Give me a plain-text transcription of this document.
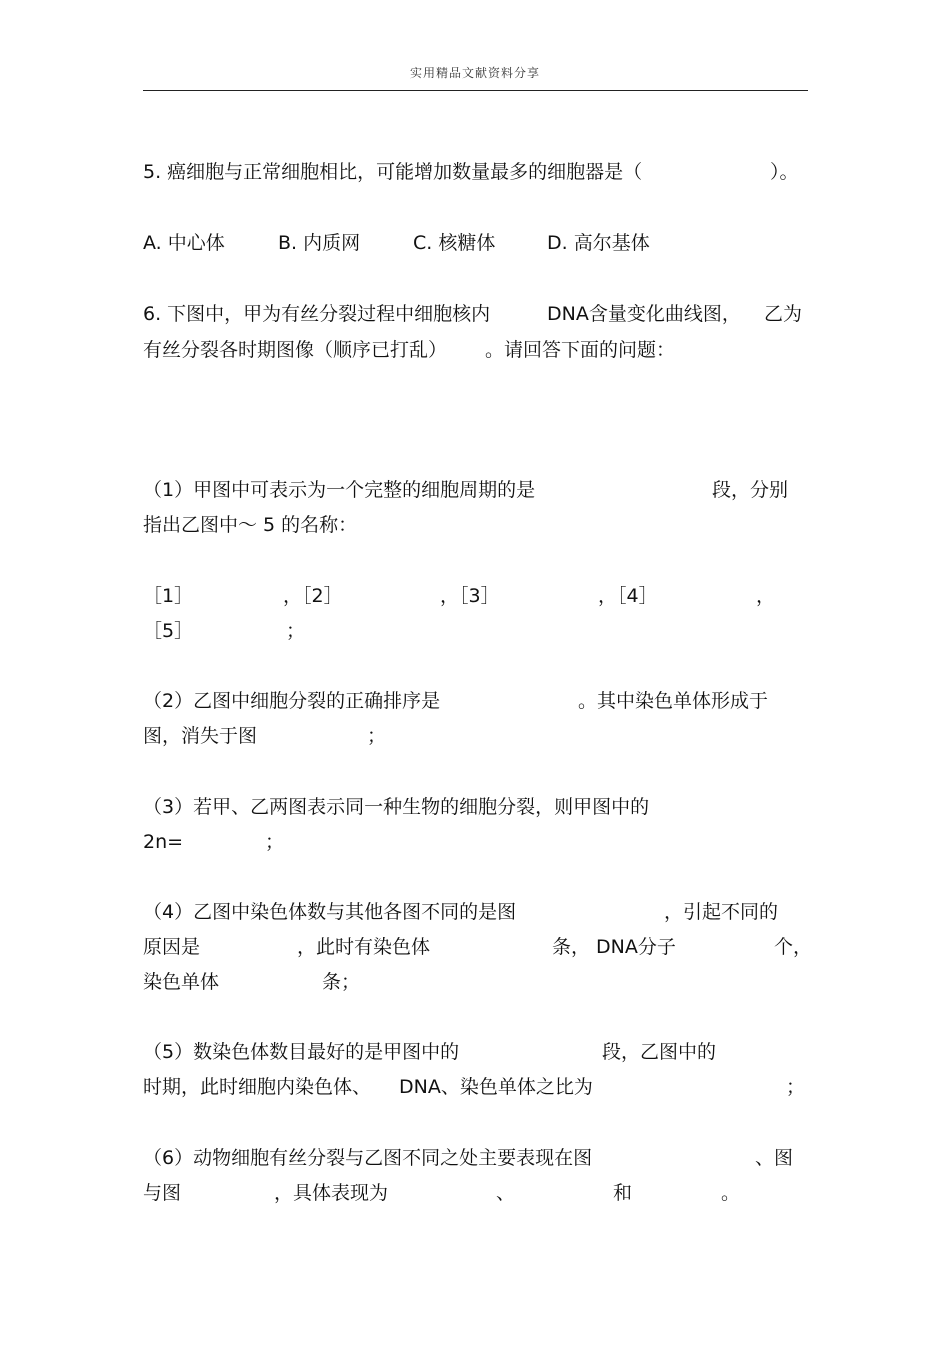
实用精品文献资料分享
5. 癌细胞与正常细胞相比，可能增加数量最多的细胞器是（	）。
A. 中心体	B. 内质网	C. 核糖体	D. 高尔基体
6. 下图中，甲为有丝分裂过程中细胞核内	DNA含量变化曲线图， 乙为
有丝分裂各时期图像（顺序已打乱） 。请回答下面的问题：
（1）甲图中可表示为一个完整的细胞周期的是	段，分别
指出乙图中～ 5 的名称：
［1］	，［2］	，［3］	，［4］	，
［5］	；
（2）乙图中细胞分裂的正确排序是	。其中染色单体形成于
图，消失于图	；
（3）若甲、乙两图表示同一种生物的细胞分裂，则甲图中的
2n=	；
（4）乙图中染色体数与其他各图不同的是图	，引起不同的
原因是	，此时有染色体	条， DNA分子	个，
染色单体	条；
（5）数染色体数目最好的是甲图中的	段，乙图中的
时期，此时细胞内染色体、 DNA、染色单体之比为	；
（6）动物细胞有丝分裂与乙图不同之处主要表现在图	、图
与图	，具体表现为	、	和	。
